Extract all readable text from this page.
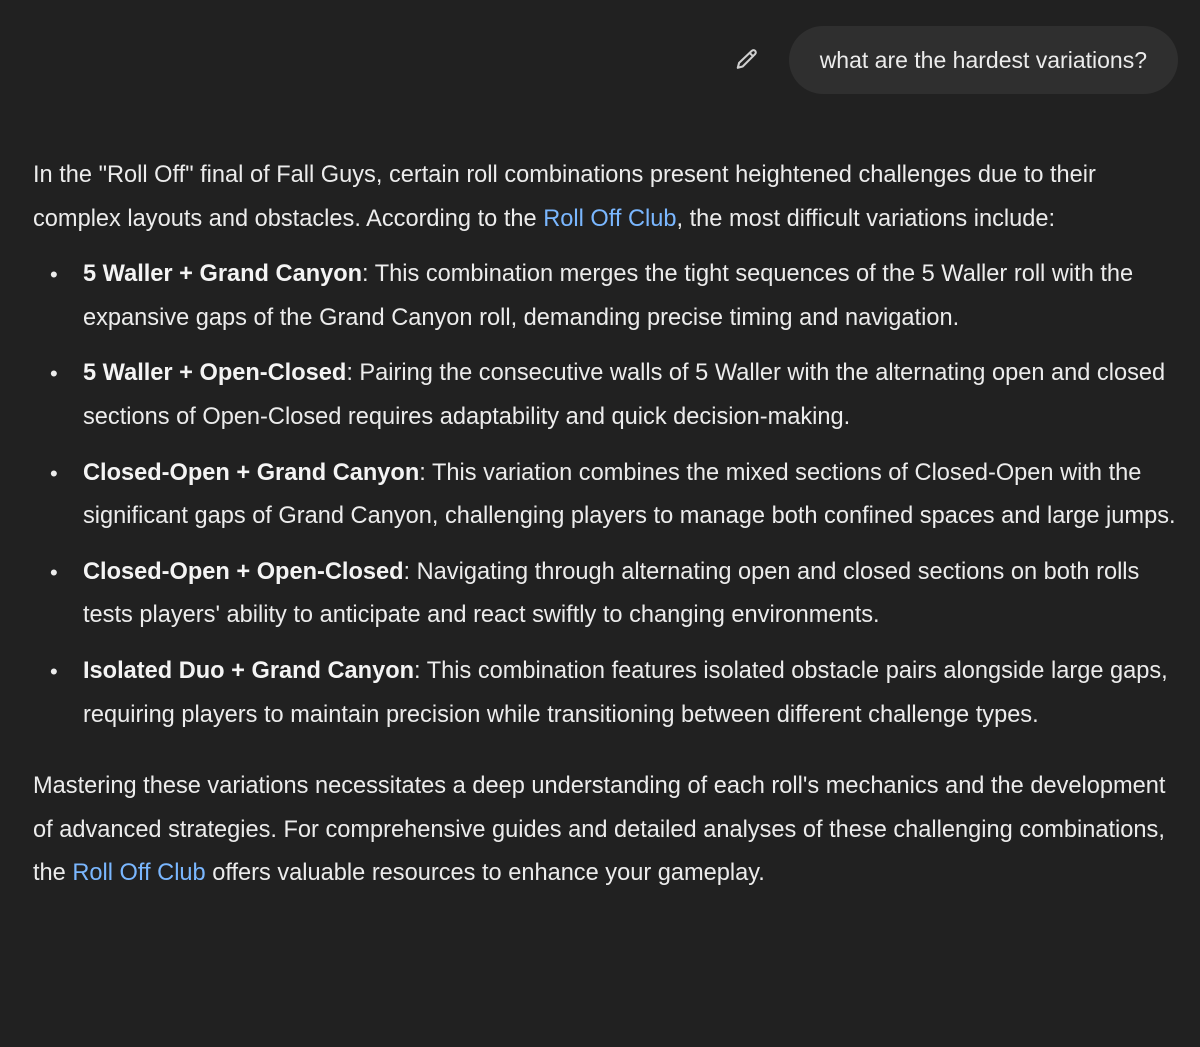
what are the hardest variations?

In the "Roll Off" final of Fall Guys, certain roll combinations present heightened challenges due to their complex layouts and obstacles. According to the Roll Off Club, the most difficult variations include:

• 5 Waller + Grand Canyon: This combination merges the tight sequences of the 5 Waller roll with the expansive gaps of the Grand Canyon roll, demanding precise timing and navigation.
• 5 Waller + Open-Closed: Pairing the consecutive walls of 5 Waller with the alternating open and closed sections of Open-Closed requires adaptability and quick decision-making.
• Closed-Open + Grand Canyon: This variation combines the mixed sections of Closed-Open with the significant gaps of Grand Canyon, challenging players to manage both confined spaces and large jumps.
• Closed-Open + Open-Closed: Navigating through alternating open and closed sections on both rolls tests players' ability to anticipate and react swiftly to changing environments.
• Isolated Duo + Grand Canyon: This combination features isolated obstacle pairs alongside large gaps, requiring players to maintain precision while transitioning between different challenge types.

Mastering these variations necessitates a deep understanding of each roll's mechanics and the development of advanced strategies. For comprehensive guides and detailed analyses of these challenging combinations, the Roll Off Club offers valuable resources to enhance your gameplay.
